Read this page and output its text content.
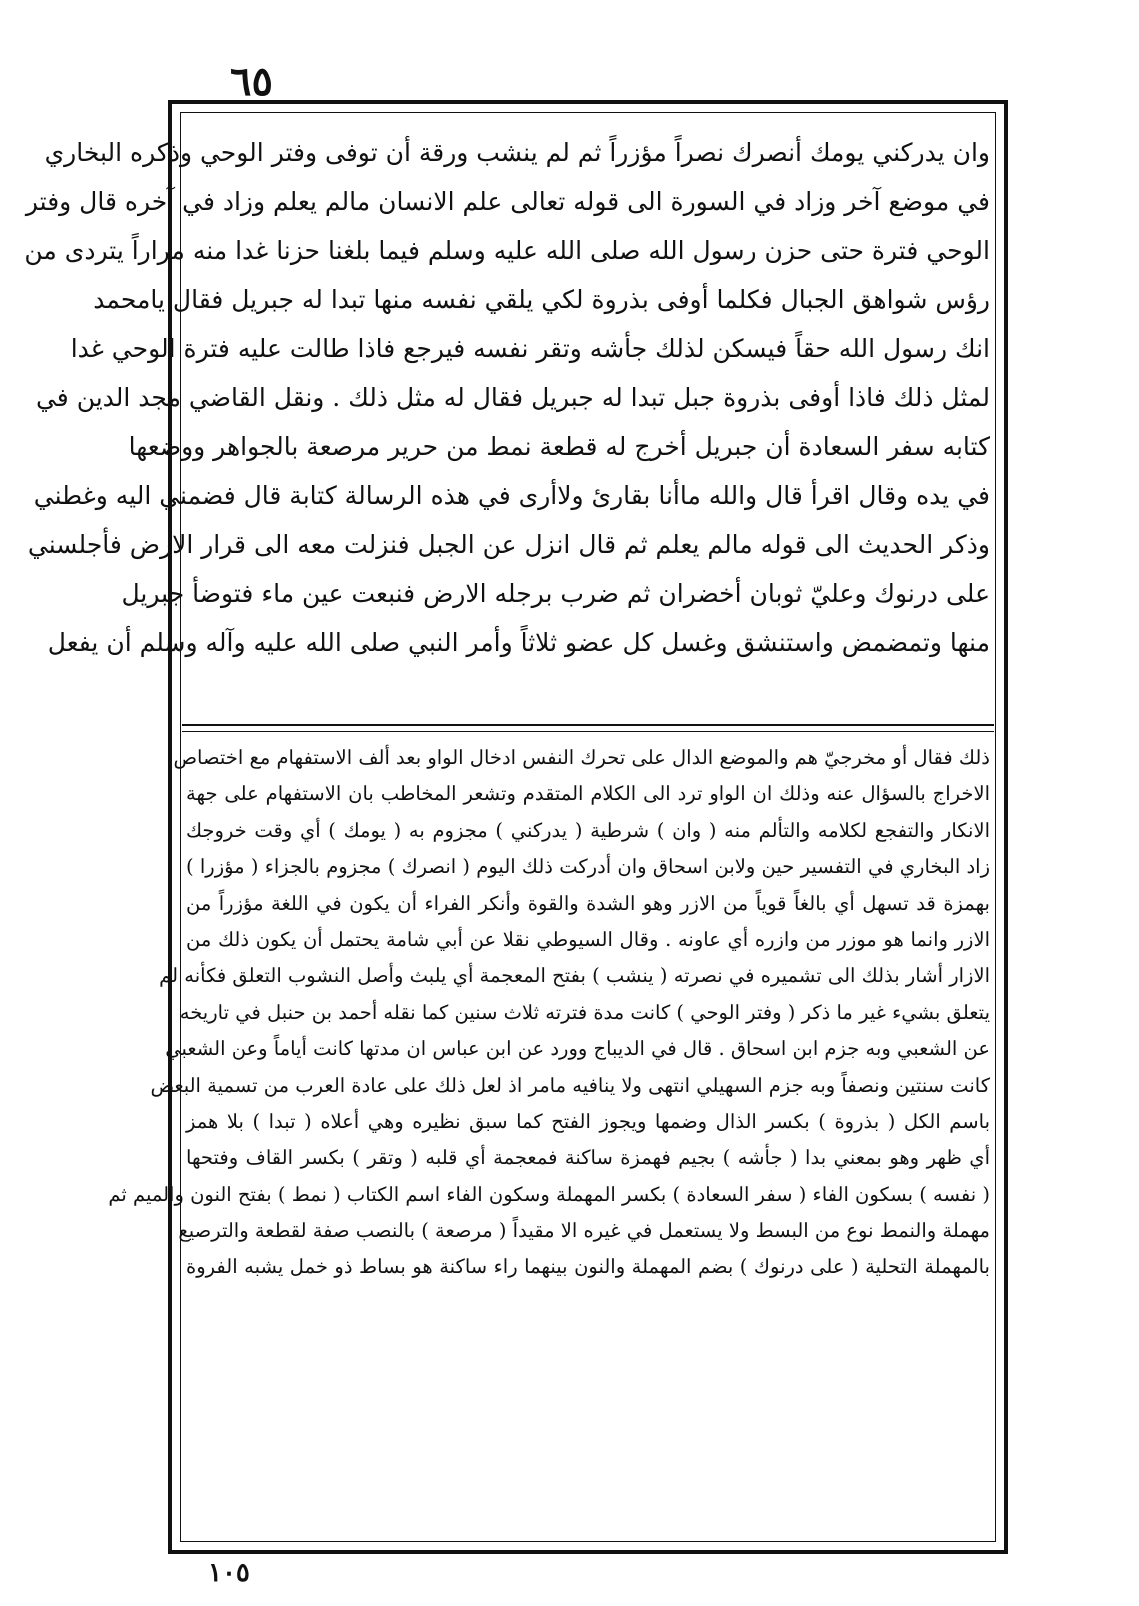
٦٥
وان يدركني يومك أنصرك نصراً مؤزراً ثم لم ينشب ورقة أن توفى وفتر الوحي وذكره البخاري
في موضع آخر وزاد في السورة الى قوله تعالى علم الانسان مالم يعلم وزاد في آخره قال وفتر
الوحي فترة حتى حزن رسول الله صلى الله عليه وسلم فيما بلغنا حزنا غدا منه مراراً يتردى من
رؤس شواهق الجبال فكلما أوفى بذروة لكي يلقي نفسه منها تبدا له جبريل فقال يامحمد
انك رسول الله حقاً فيسكن لذلك جأشه وتقر نفسه فيرجع فاذا طالت عليه فترة الوحي غدا
لمثل ذلك فاذا أوفى بذروة جبل تبدا له جبريل فقال له مثل ذلك . ونقل القاضي مجد الدين في
كتابه سفر السعادة أن جبريل أخرج له قطعة نمط من حرير مرصعة بالجواهر ووضعها
في يده وقال اقرأ قال والله ماأنا بقارئ ولاأرى في هذه الرسالة كتابة قال فضمني اليه وغطني
وذكر الحديث الى قوله مالم يعلم ثم قال انزل عن الجبل فنزلت معه الى قرار الارض فأجلسني
على درنوك وعليّ ثوبان أخضران ثم ضرب برجله الارض فنبعت عين ماء فتوضأ جبريل
منها وتمضمض واستنشق وغسل كل عضو ثلاثاً وأمر النبي صلى الله عليه وآله وسلم أن يفعل
ذلك فقال أو مخرجيّ هم والموضع الدال على تحرك النفس ادخال الواو بعد ألف الاستفهام مع اختصاص
الاخراج بالسؤال عنه وذلك ان الواو ترد الى الكلام المتقدم وتشعر المخاطب بان الاستفهام على جهة
الانكار والتفجع لكلامه والتألم منه ( وان ) شرطية ( يدركني ) مجزوم به ( يومك ) أي وقت خروجك
زاد البخاري في التفسير حين ولابن اسحاق وان أدركت ذلك اليوم ( انصرك ) مجزوم بالجزاء ( مؤزرا )
بهمزة قد تسهل أي بالغاً قوياً من الازر وهو الشدة والقوة وأنكر الفراء أن يكون في اللغة مؤزراً من
الازر وانما هو موزر من وازره أي عاونه . وقال السيوطي نقلا عن أبي شامة يحتمل أن يكون ذلك من
الازار أشار بذلك الى تشميره في نصرته ( ينشب ) بفتح المعجمة أي يلبث وأصل النشوب التعلق فكأنه لم
يتعلق بشيء غير ما ذكر ( وفتر الوحي ) كانت مدة فترته ثلاث سنين كما نقله أحمد بن حنبل في تاريخه
عن الشعبي وبه جزم ابن اسحاق . قال في الديباج وورد عن ابن عباس ان مدتها كانت أياماً وعن الشعبي
كانت سنتين ونصفاً وبه جزم السهيلي انتهى ولا ينافيه مامر اذ لعل ذلك على عادة العرب من تسمية البعض
باسم الكل ( بذروة ) بكسر الذال وضمها ويجوز الفتح كما سبق نظيره وهي أعلاه ( تبدا ) بلا همز
أي ظهر وهو بمعني بدا ( جأشه ) بجيم فهمزة ساكنة فمعجمة أي قلبه ( وتقر ) بكسر القاف وفتحها
( نفسه ) بسكون الفاء ( سفر السعادة ) بكسر المهملة وسكون الفاء اسم الكتاب ( نمط ) بفتح النون والميم ثم
مهملة والنمط نوع من البسط ولا يستعمل في غيره الا مقيداً ( مرصعة ) بالنصب صفة لقطعة والترصيع
بالمهملة التحلية ( على درنوك ) بضم المهملة والنون بينهما راء ساكنة هو بساط ذو خمل يشبه الفروة
١٠٥
